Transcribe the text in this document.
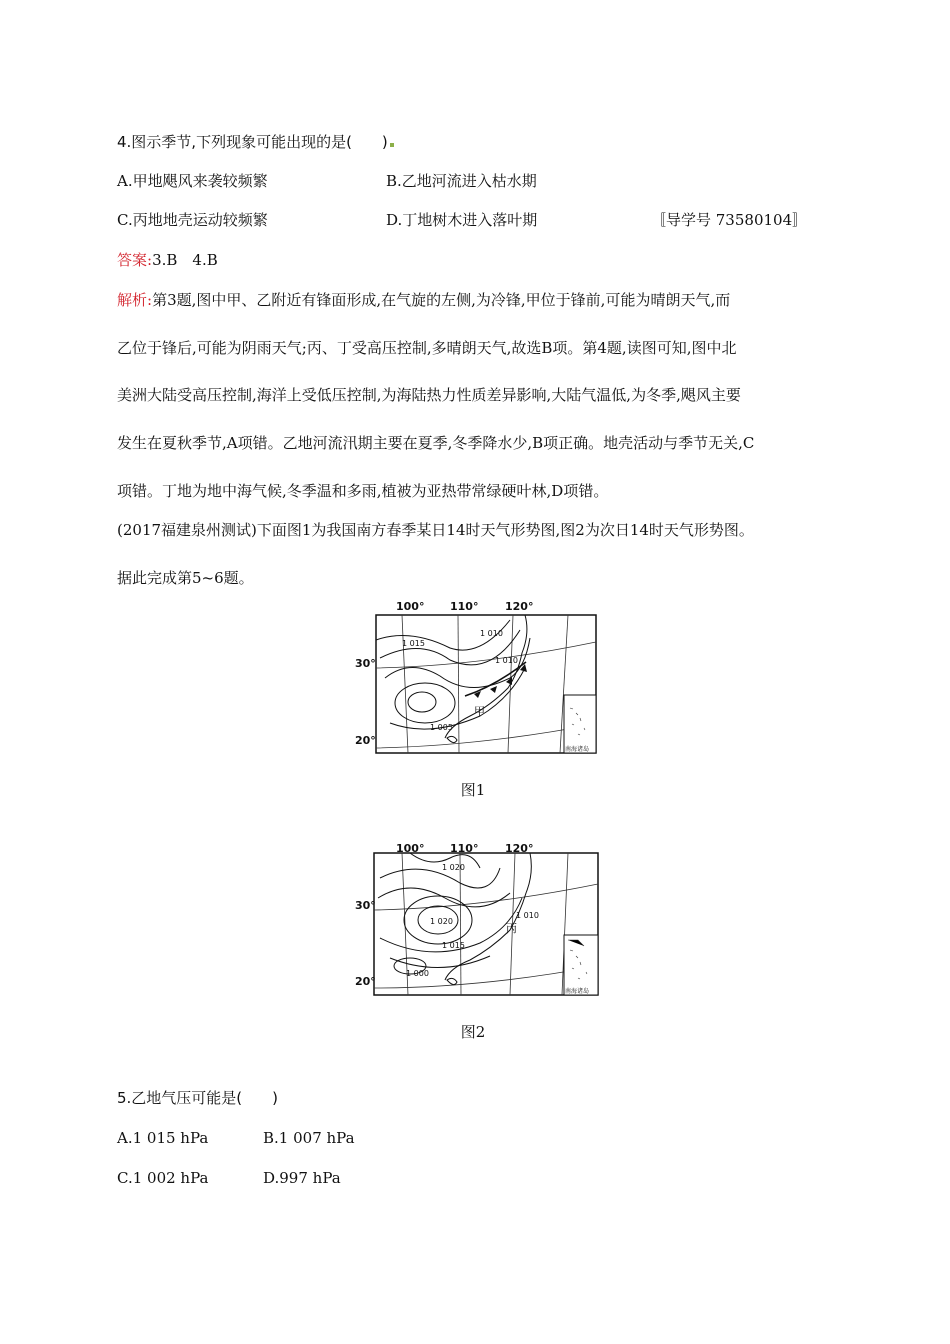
4.图示季节,下列现象可能出现的是(　　)
A.甲地飓风来袭较频繁	B.乙地河流进入枯水期
C.丙地地壳运动较频繁	D.丁地树木进入落叶期	〚导学号 73580104〛
答案:3.B　4.B
解析:第3题,图中甲、乙附近有锋面形成,在气旋的左侧,为冷锋,甲位于锋前,可能为晴朗天气,而
乙位于锋后,可能为阴雨天气;丙、丁受高压控制,多晴朗天气,故选B项。第4题,读图可知,图中北
美洲大陆受高压控制,海洋上受低压控制,为海陆热力性质差异影响,大陆气温低,为冬季,飓风主要
发生在夏秋季节,A项错。乙地河流汛期主要在夏季,冬季降水少,B项正确。地壳活动与季节无关,C
项错。丁地为地中海气候,冬季温和多雨,植被为亚热带常绿硬叶林,D项错。
(2017福建泉州测试)下面图1为我国南方春季某日14时天气形势图,图2为次日14时天气形势图。
据此完成第5~6题。
100° 110° 120°
30°
20°
1 015
1 010
1 010
1 005
甲
南海诸岛
图1
100° 110° 120°
30°
20°
1 020
1 020
1 015
1 010
1 000
丙
南海诸岛
图2
5.乙地气压可能是(　　)
A.1 015 hPa	B.1 007 hPa
C.1 002 hPa	D.997 hPa
